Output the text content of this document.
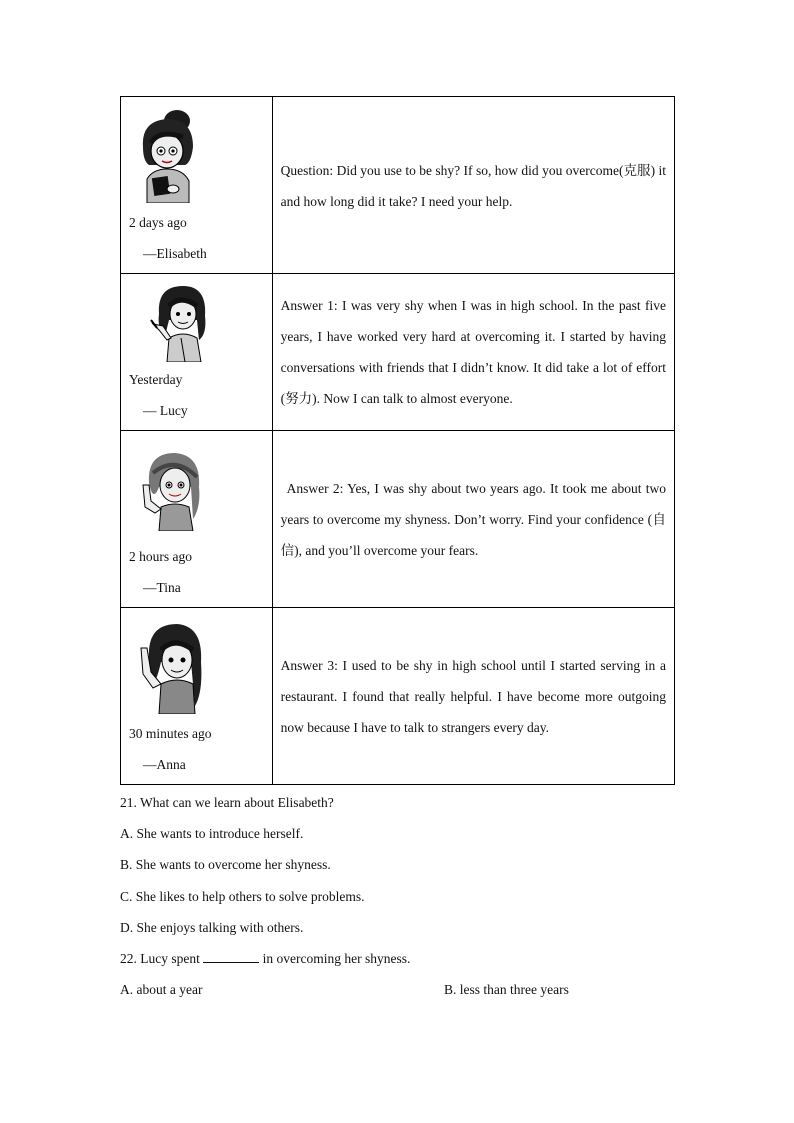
2 days ago
—Elisabeth	Question: Did you use to be shy? If so, how did you overcome(克服) it and how long did it take? I need your help.

Yesterday
— Lucy	Answer 1: I was very shy when I was in high school. In the past five years, I have worked very hard at overcoming it. I started by having conversations with friends that I didn’t know. It did take a lot of effort (努力). Now I can talk to almost everyone.

2 hours ago
—Tina	Answer 2: Yes, I was shy about two years ago. It took me about two years to overcome my shyness. Don’t worry. Find your confidence (自信), and you’ll overcome your fears.

30 minutes ago
—Anna	Answer 3: I used to be shy in high school until I started serving in a restaurant. I found that really helpful. I have become more outgoing now because I have to talk to strangers every day.

21. What can we learn about Elisabeth?

A. She wants to introduce herself.

B. She wants to overcome her shyness.

C. She likes to help others to solve problems.

D. She enjoys talking with others.

22. Lucy spent	in overcoming her shyness.

A. about a year	B. less than three years
